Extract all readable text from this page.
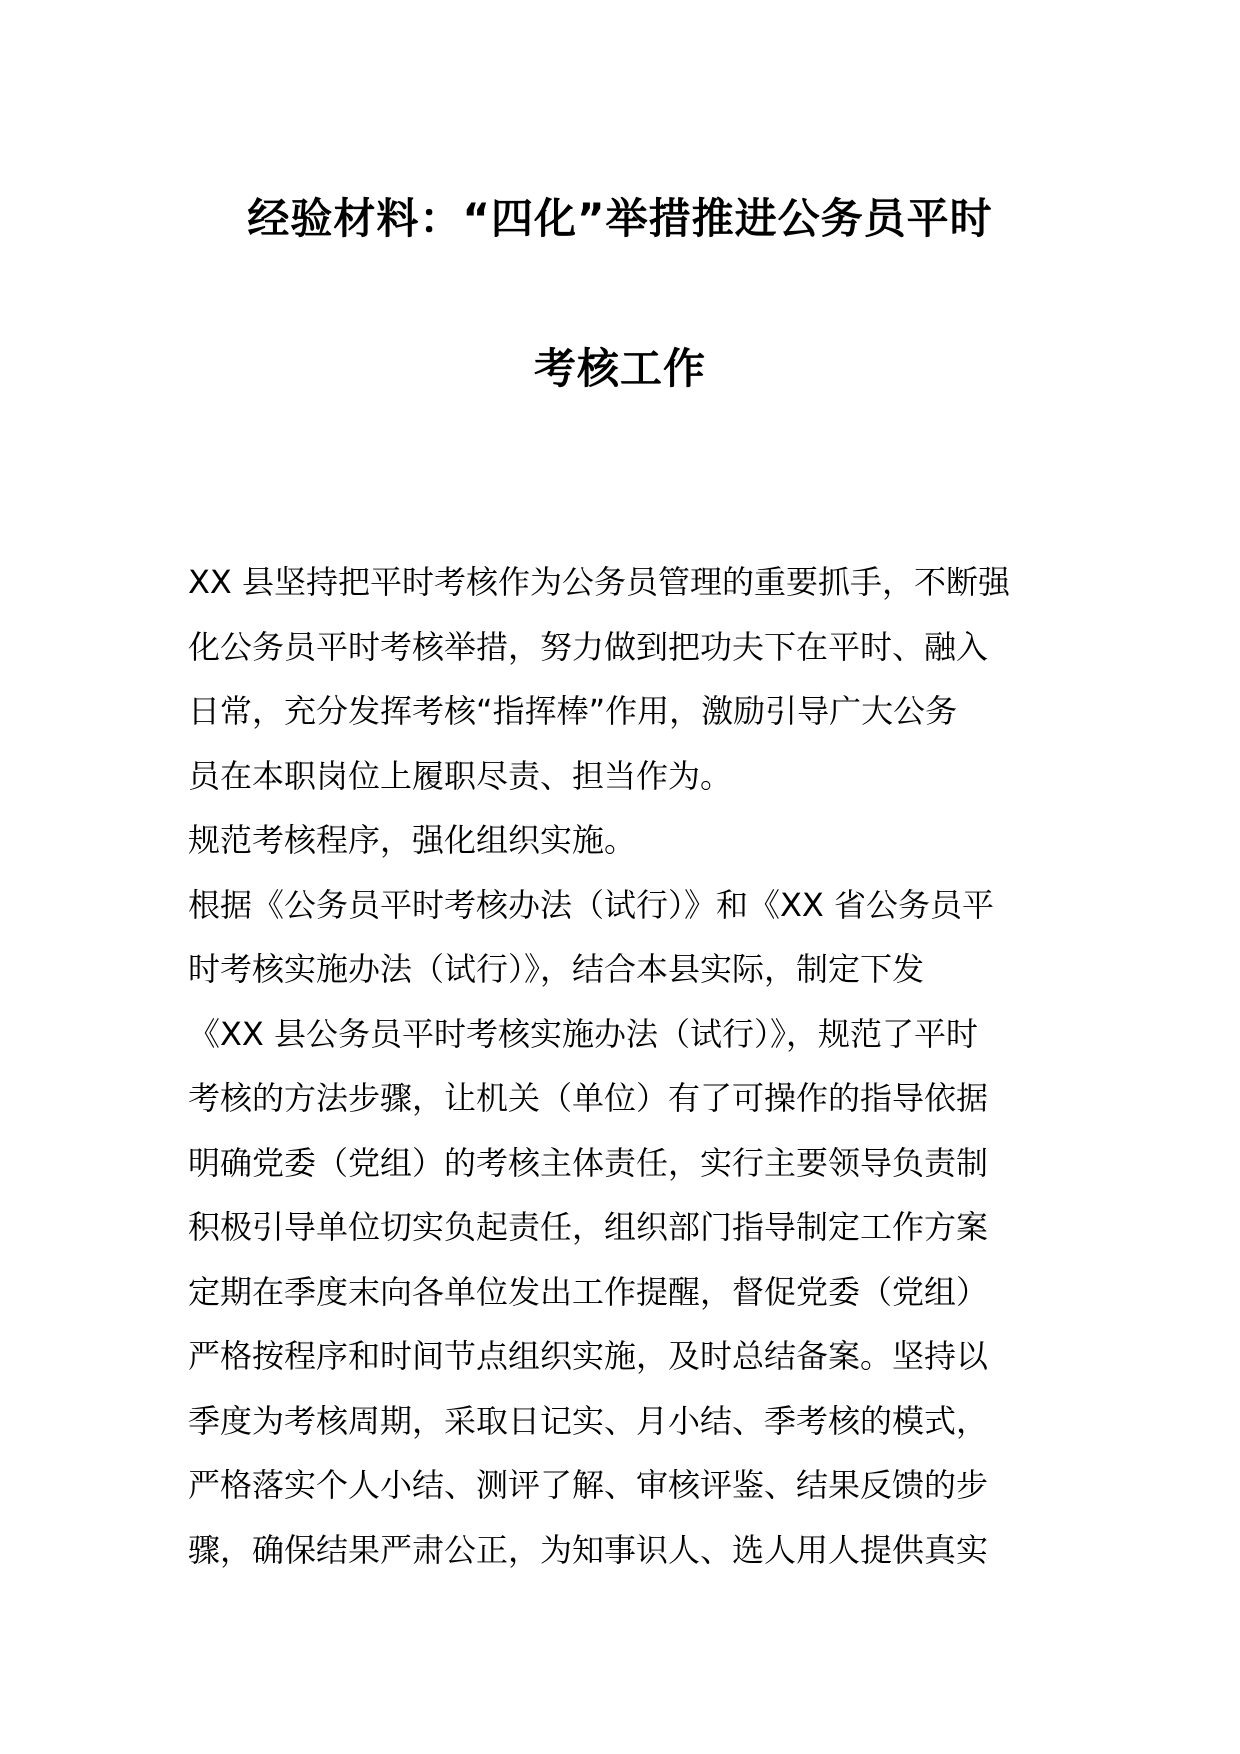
经验材料：“四化”举措推进公务员平时
考核工作
XX 县坚持把平时考核作为公务员管理的重要抓手，不断强
化公务员平时考核举措，努力做到把功夫下在平时、融入
日常，充分发挥考核“指挥棒”作用，激励引导广大公务
员在本职岗位上履职尽责、担当作为。
规范考核程序，强化组织实施。
根据《公务员平时考核办法（试行）》和《XX 省公务员平
时考核实施办法（试行）》，结合本县实际，制定下发
《XX 县公务员平时考核实施办法（试行）》，规范了平时
考核的方法步骤，让机关（单位）有了可操作的指导依据
明确党委（党组）的考核主体责任，实行主要领导负责制
积极引导单位切实负起责任，组织部门指导制定工作方案
定期在季度末向各单位发出工作提醒，督促党委（党组）
严格按程序和时间节点组织实施，及时总结备案。坚持以
季度为考核周期，采取日记实、月小结、季考核的模式，
严格落实个人小结、测评了解、审核评鉴、结果反馈的步
骤，确保结果严肃公正，为知事识人、选人用人提供真实
